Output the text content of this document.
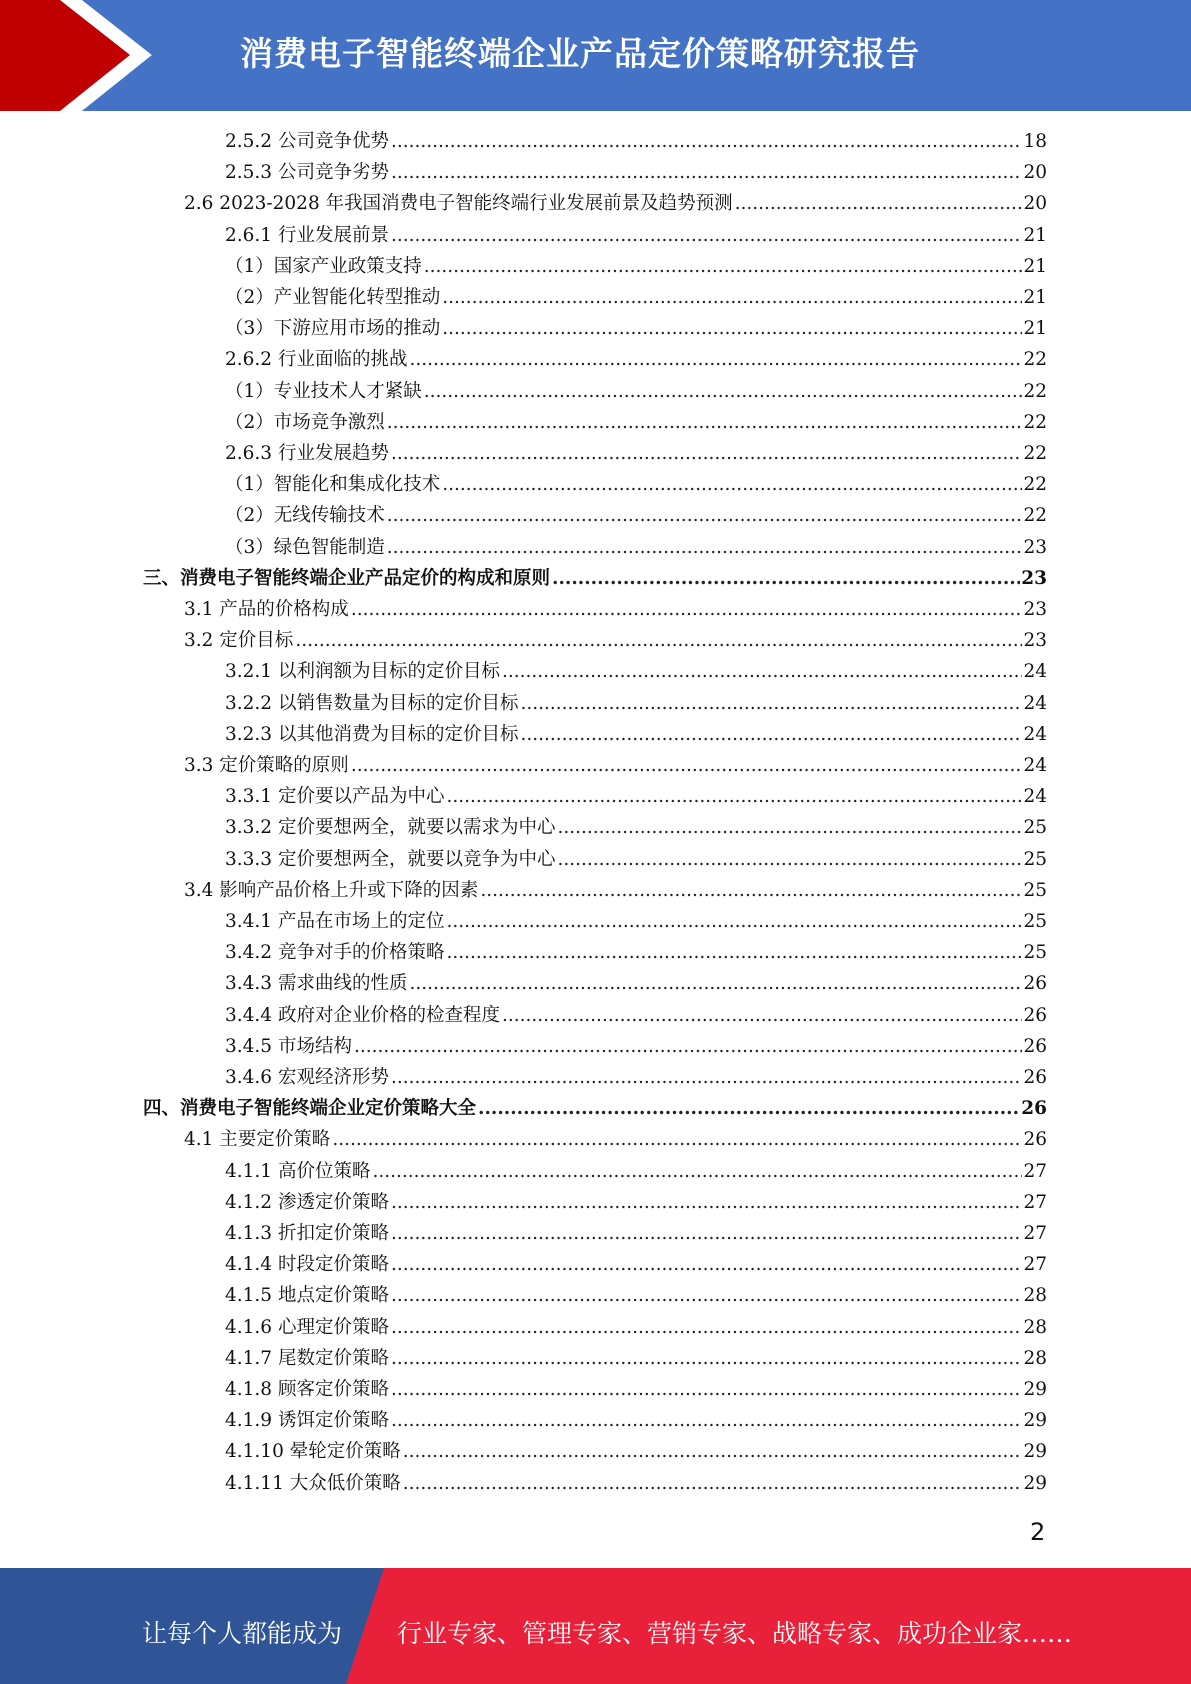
消费电子智能终端企业产品定价策略研究报告
2.5.2 公司竞争优势 .....	18
2.5.3 公司竞争劣势 .....	20
2.6 2023-2028 年我国消费电子智能终端行业发展前景及趋势预测 .....	20
2.6.1 行业发展前景 .....	21
（1）国家产业政策支持 .....	21
（2）产业智能化转型推动 .....	21
（3）下游应用市场的推动 .....	21
2.6.2 行业面临的挑战 .....	22
（1）专业技术人才紧缺 .....	22
（2）市场竞争激烈 .....	22
2.6.3 行业发展趋势 .....	22
（1）智能化和集成化技术 .....	22
（2）无线传输技术 .....	22
（3）绿色智能制造 .....	23
三、消费电子智能终端企业产品定价的构成和原则 .....	23
3.1 产品的价格构成 .....	23
3.2 定价目标 .....	23
3.2.1 以利润额为目标的定价目标 .....	24
3.2.2 以销售数量为目标的定价目标 .....	24
3.2.3 以其他消费为目标的定价目标 .....	24
3.3 定价策略的原则 .....	24
3.3.1 定价要以产品为中心 .....	24
3.3.2 定价要想两全，就要以需求为中心 .....	25
3.3.3 定价要想两全，就要以竞争为中心 .....	25
3.4 影响产品价格上升或下降的因素 .....	25
3.4.1 产品在市场上的定位 .....	25
3.4.2 竞争对手的价格策略 .....	25
3.4.3 需求曲线的性质 .....	26
3.4.4 政府对企业价格的检查程度 .....	26
3.4.5 市场结构 .....	26
3.4.6 宏观经济形势 .....	26
四、消费电子智能终端企业定价策略大全 .....	26
4.1 主要定价策略 .....	26
4.1.1 高价位策略 .....	27
4.1.2 渗透定价策略 .....	27
4.1.3 折扣定价策略 .....	27
4.1.4 时段定价策略 .....	27
4.1.5 地点定价策略 .....	28
4.1.6 心理定价策略 .....	28
4.1.7 尾数定价策略 .....	28
4.1.8 顾客定价策略 .....	29
4.1.9 诱饵定价策略 .....	29
4.1.10 晕轮定价策略 .....	29
4.1.11 大众低价策略 .....	29
2
让每个人都能成为 行业专家、管理专家、营销专家、战略专家、成功企业家……
